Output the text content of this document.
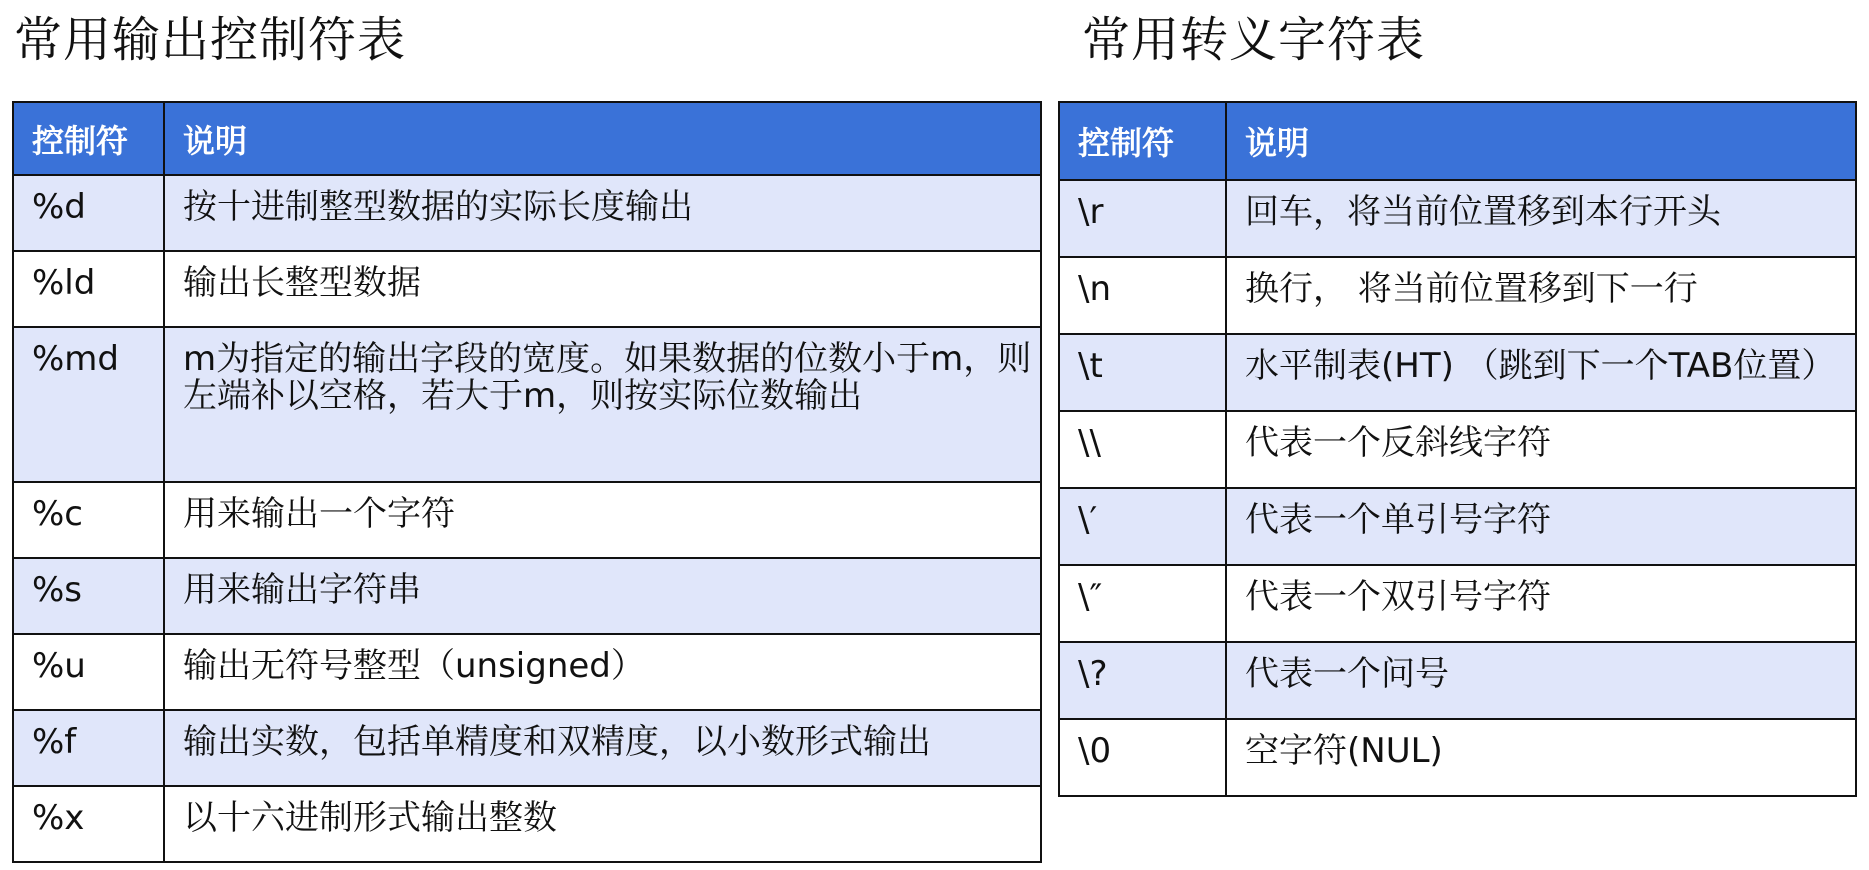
常用输出控制符表	常用转义字符表
控制符	说明
%d	按十进制整型数据的实际长度输出
%ld	输出长整型数据
%md	m为指定的输出字段的宽度。如果数据的位数小于m，则左端补以空格，若大于m，则按实际位数输出
%c	用来输出一个字符
%s	用来输出字符串
%u	输出无符号整型（unsigned）
%f	输出实数，包括单精度和双精度，以小数形式输出
%x	以十六进制形式输出整数
控制符	说明
\r	回车，将当前位置移到本行开头
\n	换行， 将当前位置移到下一行
\t	水平制表(HT) （跳到下一个TAB位置）
\\	代表一个反斜线字符
\′	代表一个单引号字符
\″	代表一个双引号字符
\?	代表一个问号
\0	空字符(NUL)
